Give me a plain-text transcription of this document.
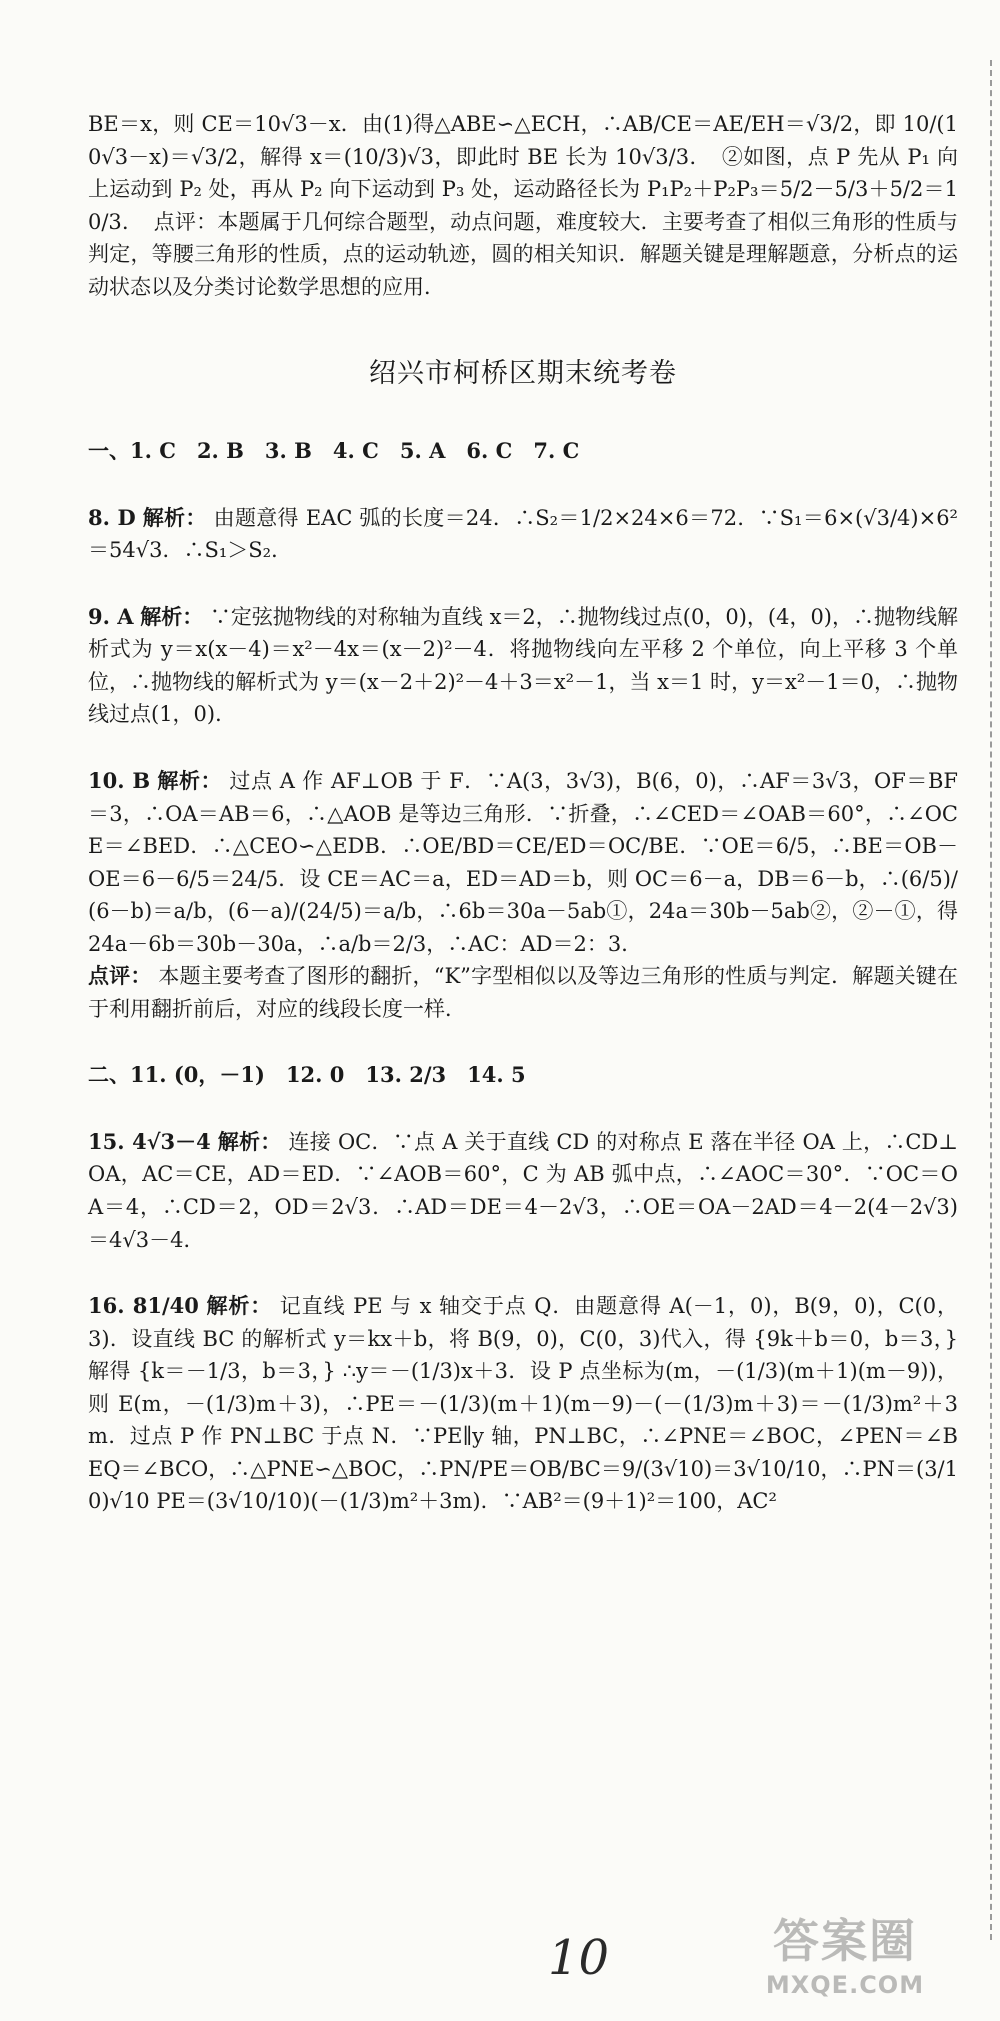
BE＝x，则 CE＝10√3－x．由(1)得△ABE∽△ECH，∴AB/CE＝AE/EH＝√3/2，即 10/(10√3－x)＝√3/2，解得 x＝(10/3)√3，即此时 BE 长为 10√3/3．　②如图，点 P 先从 P₁ 向上运动到 P₂ 处，再从 P₂ 向下运动到 P₃ 处，运动路径长为 P₁P₂＋P₂P₃＝5/2－5/3＋5/2＝10/3．　点评：本题属于几何综合题型，动点问题，难度较大．主要考查了相似三角形的性质与判定，等腰三角形的性质，点的运动轨迹，圆的相关知识．解题关键是理解题意，分析点的运动状态以及分类讨论数学思想的应用．

绍兴市柯桥区期末统考卷

一、1. C　2. B　3. B　4. C　5. A　6. C　7. C

8. D 解析： 由题意得 EAC 弧的长度＝24．∴S₂＝1/2×24×6＝72．∵S₁＝6×(√3/4)×6²＝54√3．∴S₁＞S₂．

9. A 解析： ∵定弦抛物线的对称轴为直线 x＝2，∴抛物线过点(0，0)，(4，0)，∴抛物线解析式为 y＝x(x－4)＝x²－4x＝(x－2)²－4．将抛物线向左平移 2 个单位，向上平移 3 个单位，∴抛物线的解析式为 y＝(x－2＋2)²－4＋3＝x²－1，当 x＝1 时，y＝x²－1＝0，∴抛物线过点(1，0)．

10. B 解析： 过点 A 作 AF⊥OB 于 F．∵A(3，3√3)，B(6，0)，∴AF＝3√3，OF＝BF＝3，∴OA＝AB＝6，∴△AOB 是等边三角形．∵折叠，∴∠CED＝∠OAB＝60°，∴∠OCE＝∠BED．∴△CEO∽△EDB．∴OE/BD＝CE/ED＝OC/BE．∵OE＝6/5，∴BE＝OB－OE＝6－6/5＝24/5．设 CE＝AC＝a，ED＝AD＝b，则 OC＝6－a，DB＝6－b，∴(6/5)/(6－b)＝a/b，(6－a)/(24/5)＝a/b，∴6b＝30a－5ab①，24a＝30b－5ab②，②－①，得 24a－6b＝30b－30a，∴a/b＝2/3，∴AC：AD＝2：3．
点评： 本题主要考查了图形的翻折，“K”字型相似以及等边三角形的性质与判定．解题关键在于利用翻折前后，对应的线段长度一样．

二、11. (0，－1)　12. 0　13. 2/3　14. 5

15. 4√3－4 解析： 连接 OC．∵点 A 关于直线 CD 的对称点 E 落在半径 OA 上，∴CD⊥OA，AC＝CE，AD＝ED．∵∠AOB＝60°，C 为 AB 弧中点，∴∠AOC＝30°．∵OC＝OA＝4，∴CD＝2，OD＝2√3．∴AD＝DE＝4－2√3，∴OE＝OA－2AD＝4－2(4－2√3)＝4√3－4．

16. 81/40 解析： 记直线 PE 与 x 轴交于点 Q．由题意得 A(－1，0)，B(9，0)，C(0，3)．设直线 BC 的解析式 y＝kx＋b，将 B(9，0)，C(0，3)代入，得 {9k＋b＝0，b＝3，} 解得 {k＝－1/3，b＝3，} ∴y＝－(1/3)x＋3．设 P 点坐标为(m，－(1/3)(m＋1)(m－9))，则 E(m，－(1/3)m＋3)，∴PE＝－(1/3)(m＋1)(m－9)－(－(1/3)m＋3)＝－(1/3)m²＋3m．过点 P 作 PN⊥BC 于点 N．∵PE∥y 轴，PN⊥BC，∴∠PNE＝∠BOC，∠PEN＝∠BEQ＝∠BCO，∴△PNE∽△BOC，∴PN/PE＝OB/BC＝9/(3√10)＝3√10/10，∴PN＝(3/10)√10 PE＝(3√10/10)(－(1/3)m²＋3m)．∵AB²＝(9＋1)²＝100，AC²

10	答案圈
MXQE.COM
